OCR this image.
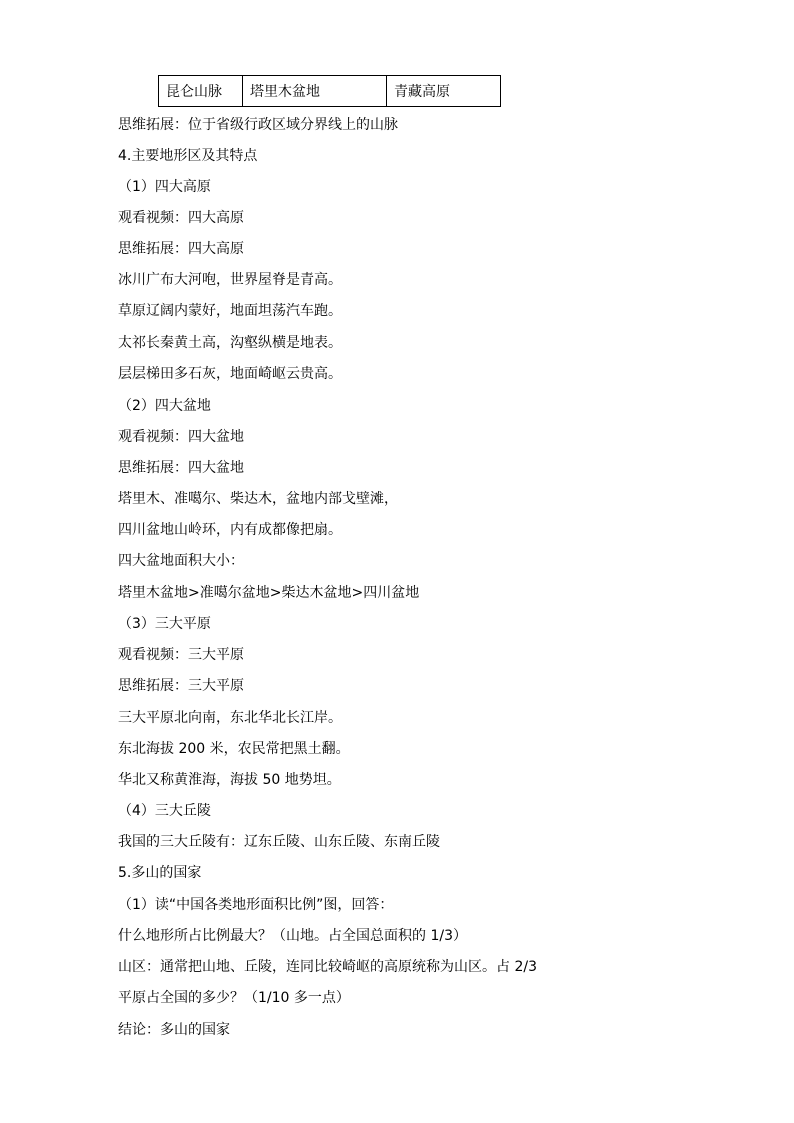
昆仑山脉	塔里木盆地	青藏高原
思维拓展：位于省级行政区域分界线上的山脉
4.主要地形区及其特点
（1）四大高原
观看视频：四大高原
思维拓展：四大高原
冰川广布大河咆，世界屋脊是青高。
草原辽阔内蒙好，地面坦荡汽车跑。
太祁长秦黄土高，沟壑纵横是地表。
层层梯田多石灰，地面崎岖云贵高。
（2）四大盆地
观看视频：四大盆地
思维拓展：四大盆地
塔里木、准噶尔、柴达木，盆地内部戈壁滩，
四川盆地山岭环，内有成都像把扇。
四大盆地面积大小：
塔里木盆地>准噶尔盆地>柴达木盆地>四川盆地
（3）三大平原
观看视频：三大平原
思维拓展：三大平原
三大平原北向南，东北华北长江岸。
东北海拔 200 米，农民常把黑土翻。
华北又称黄淮海，海拔 50 地势坦。
（4）三大丘陵
我国的三大丘陵有：辽东丘陵、山东丘陵、东南丘陵
5.多山的国家
（1）读“中国各类地形面积比例”图，回答：
什么地形所占比例最大？（山地。占全国总面积的 1/3）
山区：通常把山地、丘陵，连同比较崎岖的高原统称为山区。占 2/3
平原占全国的多少？（1/10 多一点）
结论：多山的国家
